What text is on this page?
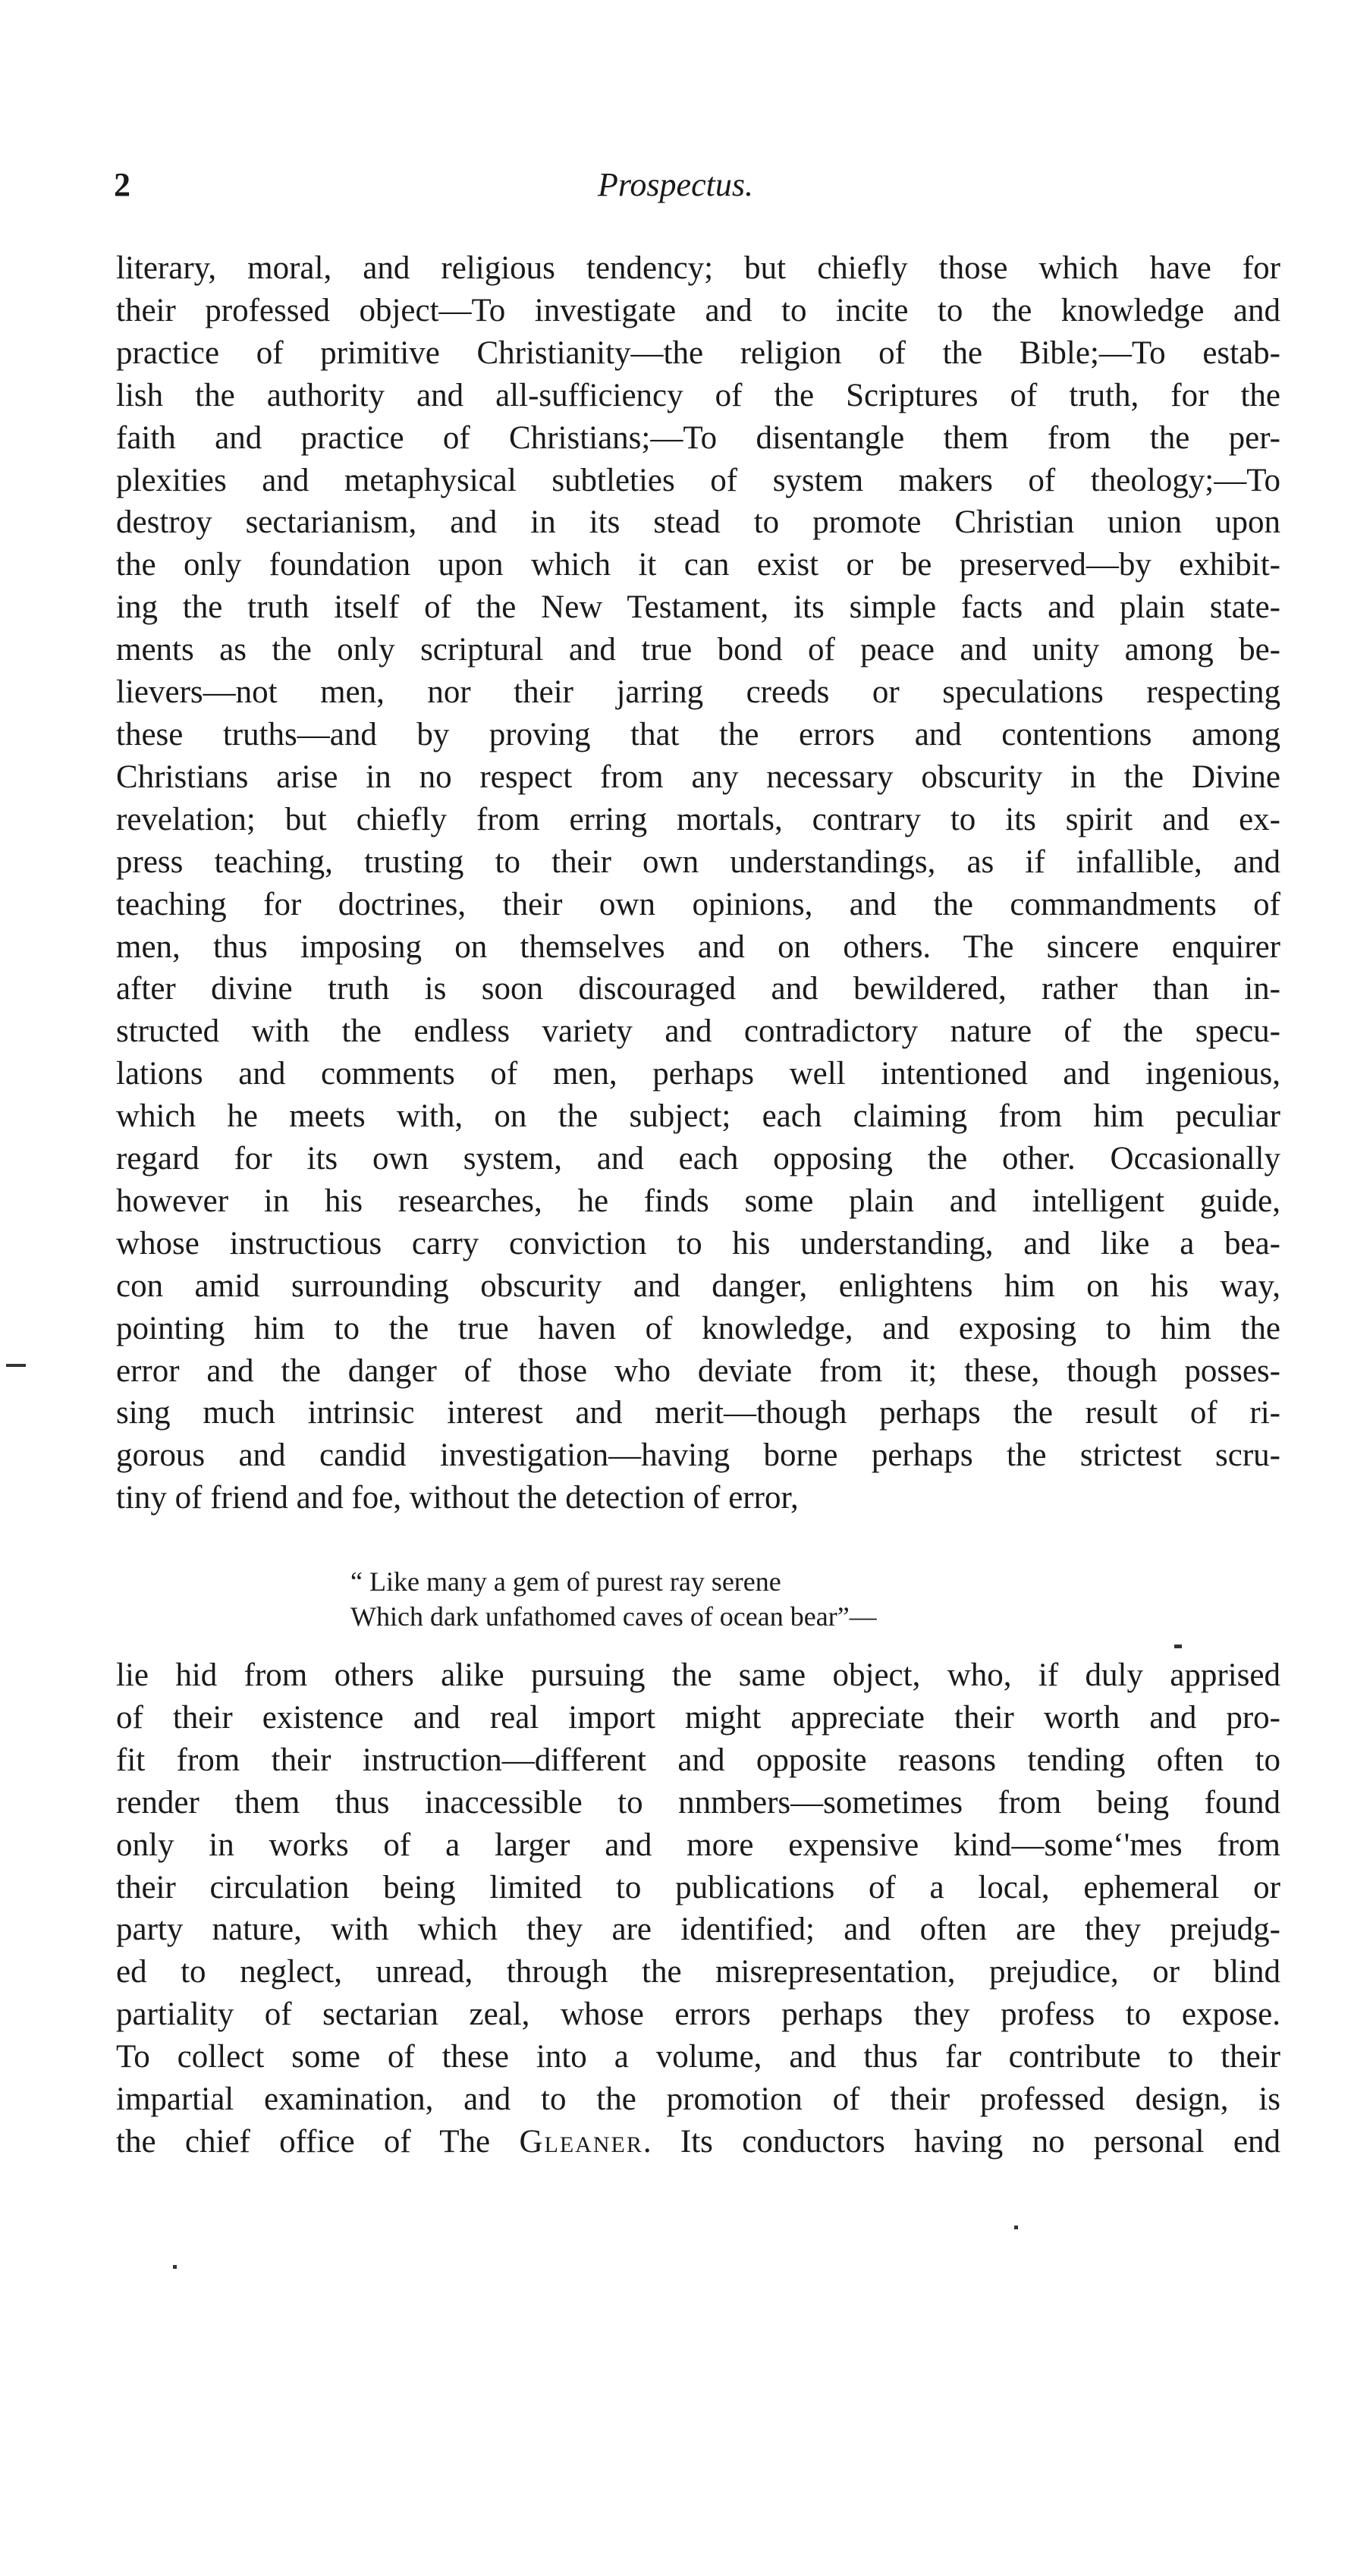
2	Prospectus.
literary, moral, and religious tendency; but chiefly those which have for
their professed object—To investigate and to incite to the knowledge and
practice of primitive Christianity—the religion of the Bible;—To estab-
lish the authority and all-sufficiency of the Scriptures of truth, for the
faith and practice of Christians;—To disentangle them from the per-
plexities and metaphysical subtleties of system makers of theology;—To
destroy sectarianism, and in its stead to promote Christian union upon
the only foundation upon which it can exist or be preserved—by exhibit-
ing the truth itself of the New Testament, its simple facts and plain state-
ments as the only scriptural and true bond of peace and unity among be-
lievers—not men, nor their jarring creeds or speculations respecting
these truths—and by proving that the errors and contentions among
Christians arise in no respect from any necessary obscurity in the Divine
revelation; but chiefly from erring mortals, contrary to its spirit and ex-
press teaching, trusting to their own understandings, as if infallible, and
teaching for doctrines, their own opinions, and the commandments of
men, thus imposing on themselves and on others. The sincere enquirer
after divine truth is soon discouraged and bewildered, rather than in-
structed with the endless variety and contradictory nature of the specu-
lations and comments of men, perhaps well intentioned and ingenious,
which he meets with, on the subject; each claiming from him peculiar
regard for its own system, and each opposing the other. Occasionally
however in his researches, he finds some plain and intelligent guide,
whose instructious carry conviction to his understanding, and like a bea-
con amid surrounding obscurity and danger, enlightens him on his way,
pointing him to the true haven of knowledge, and exposing to him the
error and the danger of those who deviate from it; these, though posses-
sing much intrinsic interest and merit—though perhaps the result of ri-
gorous and candid investigation—having borne perhaps the strictest scru-
tiny of friend and foe, without the detection of error,
“ Like many a gem of purest ray serene
Which dark unfathomed caves of ocean bear”—
lie hid from others alike pursuing the same object, who, if duly apprised
of their existence and real import might appreciate their worth and pro-
fit from their instruction—different and opposite reasons tending often to
render them thus inaccessible to nnmbers—sometimes from being found
only in works of a larger and more expensive kind—some‘'mes from
their circulation being limited to publications of a local, ephemeral or
party nature, with which they are identified; and often are they prejudg-
ed to neglect, unread, through the misrepresentation, prejudice, or blind
partiality of sectarian zeal, whose errors perhaps they profess to expose.
To collect some of these into a volume, and thus far contribute to their
impartial examination, and to the promotion of their professed design, is
the chief office of The Gleaner. Its conductors having no personal end
